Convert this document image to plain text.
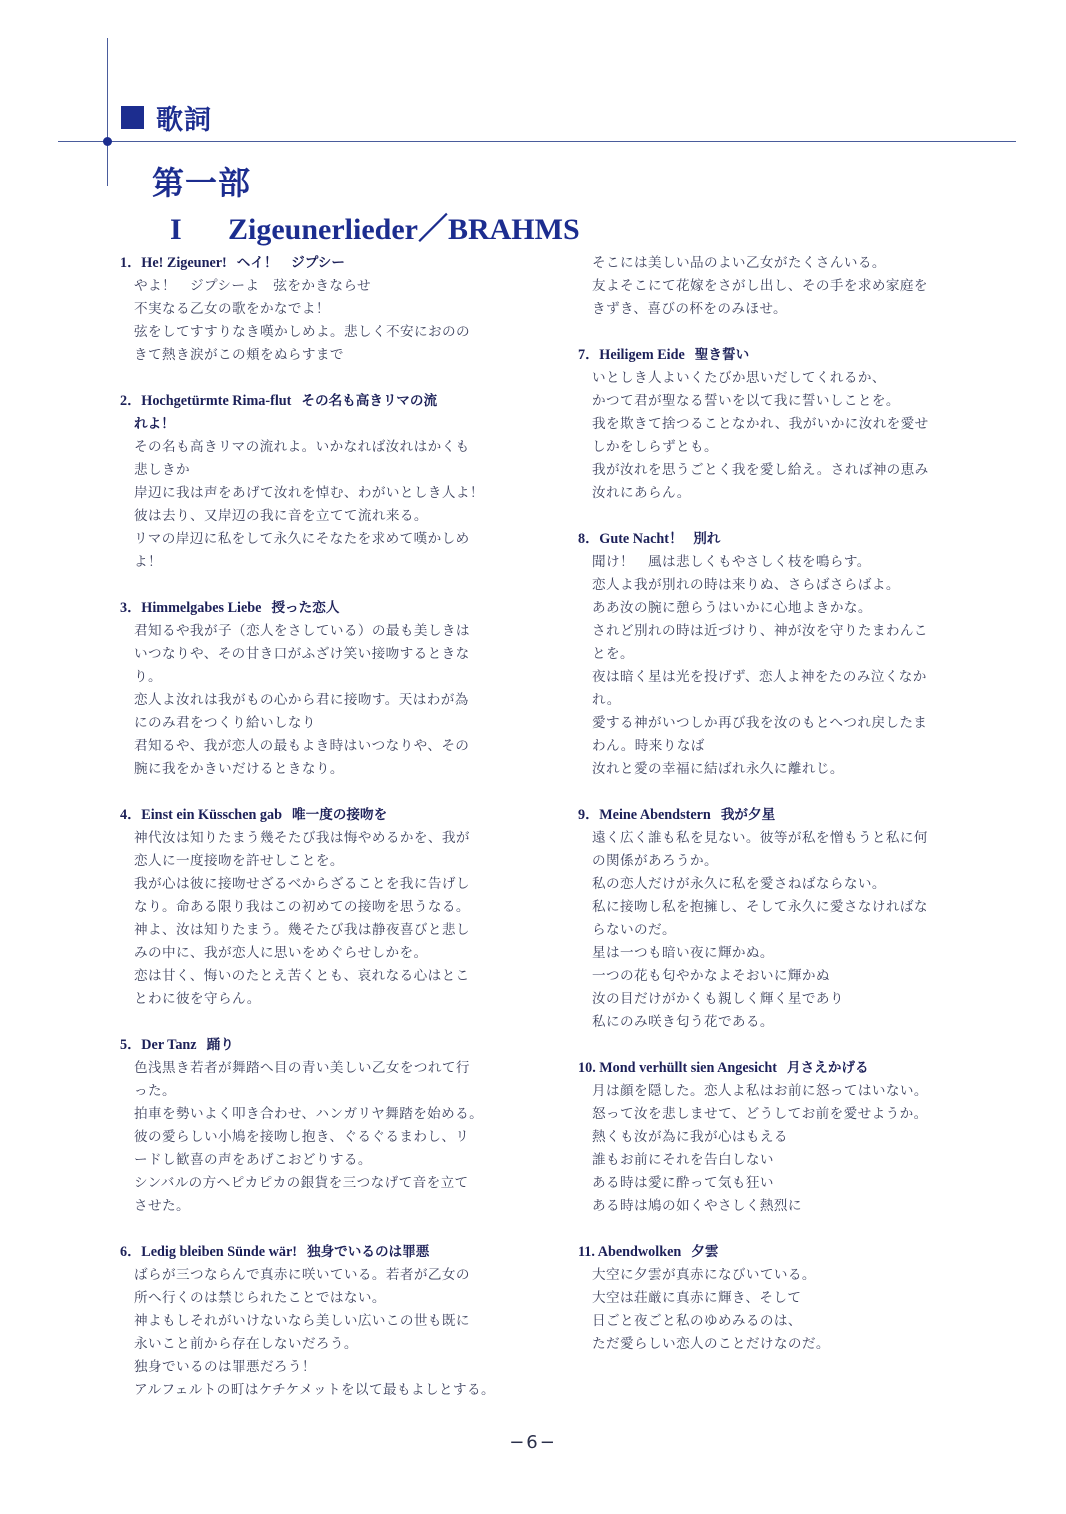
歌詞
第一部
I Zigeunerlieder／BRAHMS
1．He! Zigeuner! ヘイ！　ジプシー
やよ！　ジプシーよ　弦をかきならせ
不実なる乙女の歌をかなでよ！
弦をしてすすりなき嘆かしめよ。悲しく不安におのの
きて熱き涙がこの頬をぬらすまで
2．Hochgetürmte Rima-flut その名も高きリマの流
れよ！
その名も高きリマの流れよ。いかなれば汝れはかくも
悲しきか
岸辺に我は声をあげて汝れを悼む、わがいとしき人よ！
彼は去り、又岸辺の我に音を立てて流れ来る。
リマの岸辺に私をして永久にそなたを求めて嘆かしめ
よ！
3．Himmelgabes Liebe 授った恋人
君知るや我が子（恋人をさしている）の最も美しきは
いつなりや、その甘き口がふざけ笑い接吻するときな
り。
恋人よ汝れは我がもの心から君に接吻す。天はわが為
にのみ君をつくり給いしなり
君知るや、我が恋人の最もよき時はいつなりや、その
腕に我をかきいだけるときなり。
4．Einst ein Küsschen gab 唯一度の接吻を
神代汝は知りたまう幾そたび我は悔やめるかを、我が
恋人に一度接吻を許せしことを。
我が心は彼に接吻せざるべからざることを我に告げし
なり。命ある限り我はこの初めての接吻を思うなる。
神よ、汝は知りたまう。幾そたび我は静夜喜びと悲し
みの中に、我が恋人に思いをめぐらせしかを。
恋は甘く、悔いのたとえ苦くとも、哀れなる心はとこ
とわに彼を守らん。
5．Der Tanz 踊り
色浅黒き若者が舞踏へ目の青い美しい乙女をつれて行
った。
拍車を勢いよく叩き合わせ、ハンガリヤ舞踏を始める。
彼の愛らしい小鳩を接吻し抱き、ぐるぐるまわし、リ
ードし歓喜の声をあげこおどりする。
シンバルの方へピカピカの銀貨を三つなげて音を立て
させた。
6．Ledig bleiben Sünde wär! 独身でいるのは罪悪
ばらが三つならんで真赤に咲いている。若者が乙女の
所へ行くのは禁じられたことではない。
神よもしそれがいけないなら美しい広いこの世も既に
永いこと前から存在しないだろう。
独身でいるのは罪悪だろう！
アルフェルトの町はケチケメットを以て最もよしとする。
そこには美しい品のよい乙女がたくさんいる。
友よそこにて花嫁をさがし出し、その手を求め家庭を
きずき、喜びの杯をのみほせ。
7．Heiligem Eide 聖き誓い
いとしき人よいくたびか思いだしてくれるか、
かつて君が聖なる誓いを以て我に誓いしことを。
我を欺きて捨つることなかれ、我がいかに汝れを愛せ
しかをしらずとも。
我が汝れを思うごとく我を愛し給え。されば神の恵み
汝れにあらん。
8．Gute Nacht！ 別れ
聞け！　風は悲しくもやさしく枝を鳴らす。
恋人よ我が別れの時は来りぬ、さらばさらばよ。
ああ汝の腕に憩らうはいかに心地よきかな。
されど別れの時は近づけり、神が汝を守りたまわんこ
とを。
夜は暗く星は光を投げず、恋人よ神をたのみ泣くなか
れ。
愛する神がいつしか再び我を汝のもとへつれ戻したま
わん。時来りなば
汝れと愛の幸福に結ばれ永久に離れじ。
9．Meine Abendstern 我が夕星
遠く広く誰も私を見ない。彼等が私を憎もうと私に何
の関係があろうか。
私の恋人だけが永久に私を愛さねばならない。
私に接吻し私を抱擁し、そして永久に愛さなければな
らないのだ。
星は一つも暗い夜に輝かぬ。
一つの花も匂やかなよそおいに輝かぬ
汝の目だけがかくも親しく輝く星であり
私にのみ咲き匂う花である。
10. Mond verhüllt sien Angesicht 月さえかげる
月は顔を隠した。恋人よ私はお前に怒ってはいない。
怒って汝を悲しませて、どうしてお前を愛せようか。
熱くも汝が為に我が心はもえる
誰もお前にそれを告白しない
ある時は愛に酔って気も狂い
ある時は鳩の如くやさしく熱烈に
11. Abendwolken 夕雲
大空に夕雲が真赤になびいている。
大空は荘厳に真赤に輝き、そして
日ごと夜ごと私のゆめみるのは、
ただ愛らしい恋人のことだけなのだ。
−6−
